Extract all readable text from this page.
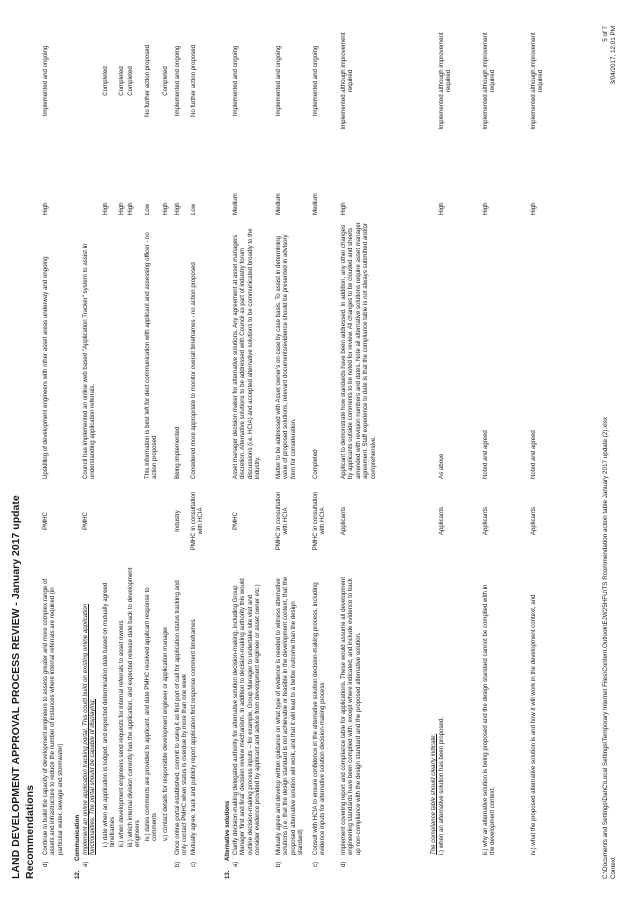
LAND DEVELOPMENT APPROVAL PROCESS REVIEW - January 2017 update Recommendations d)
Continue to build the capacity of development engineers to assess greater and more complex range of assets and infrastructure to reduce the number of instances where internal referrals are required (in particular water, sewage and stormwater)
PMHC
Upskilling of development engineers with other asset areas underway and ongoing
High
Implemented and ongoing
12.
Communication
a)
Implement an online application tracking portal. This could build on existing online application functionalities. The portal should be capable of displaying:
PMHC
Council has implemented an online web based "Application Tracker" system to assist in understanding application referrals.
i.) date when an application is lodged, and expected determination date based on mutually agreed timeframes
High
Completed
ii.) when development engineers send requests for internal referrals to asset owners
High
Completed
iii.) which internal division currently has the application, and expected release date back to development engineers
High
Completed
iv.) dates comments are provided to applicant, and date PMHC received applicant response to comments
This information is best left for dect communication with applicant and assessing officer - no action proposed
Low
No further action proposed
v.) contact details for responsible development engineer or application manager
High
Completed
b)
Once online portal established, commit to using it as first port of call for application status tracking and only contact PMHC when status is overdue by more than one week
Industry
Being implemented
High
Implemented and ongoing
c)
Mutually agree, track and publicly report application first response comment timeframes
PMHC in consultation with HCIA
Considered more appropriate to monitor overall timeframes - no action proposed
Low
No further action proposed
13.
Alternative solutions
a)
Clarify decision-making delegated authority for alternative solution decision-making, including Group Manager 'first and final' decision review mechanism. In addition to decision-making authority this would outline decision-making process inputs – for example, Group Manager to undertake site visit and consider evidence provided by applicant and advice from development engineer or asset owner etc.)
PMHC
Asset manager decision maker for alternative solutions. Any agreement at asset managers discretion. Alternative solutions to be addressed with Council as part of industry forum discussions (i.e. HCIA) and accepted alternative solutions to be communicated broadly to the industry.
Medium
Implemented and ongoing
b)
Mutually agree and develop written guidance on what type of evidence is needed to witness alternative solutions (i.e. that the design standard is not achievable or feasible in the development context, that the proposed alternative solution will work, and that it will lead to a better outcome than the design standard)
PMHC in consultation with HCIA
Matter to be addressed with Asset owner's on case by case basis. To assist in determining value of proposed solutions, relevant documents/evidence should be presented in advisory form for consideration.
Medium
Implemented and ongoing
c)
Consult with HCIA to ensure confidence in the alternative solution decision-making process, including evidence inputs for alternative solution decision-making process
PMHC in consultation with HCIA
Completed
Medium
Implemented and ongoing
d)
Implement covering report and compliance table for applications. These would assume all development engineering standards have been complied with, except where indicated, and include evidence to back up non-compliance with the design standard and the proposed alternative solution.
Applicants
Applicant to demonstrate how standards have been addressed. In addition, any other changes by applicants outside comments to be noted for review. All changes to be clouded and sheets amended with revision numbers and dates. Note all alternative solutions require asset manager agreement. Staff experience to date is that the compliance table is not always submitted and/or comprehensive.
High
Implemented although improvement required
The compliance table should clearly indicate: i.) when an alternative solution has been proposed,
Applicants
As above
High
Implemented although improvement required
ii.) why an alternative solution is being proposed and the design standard cannot be complied with in the development context,
Applicants
Noted and agreed
High
Implemented although improvement required
iv.) what the proposed alternative solution is and how it will work in the development context, and
Applicants
Noted and agreed
High
Implemented although improvement required
C:\Documents and Settings\DanC\Local Settings\Temporary Internet Files\Content.Outlook\EJW25HFU\TS Rcommendation action table January 2017 update (2).xlsx Context
5 of 7 3/04/2017, 12:01 PM
